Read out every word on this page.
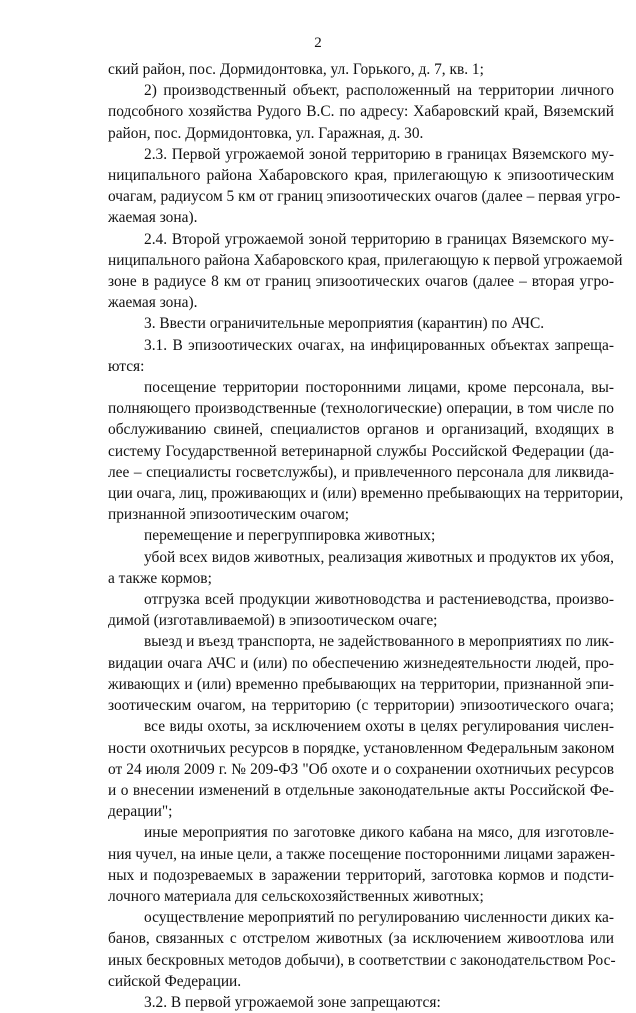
2
ский район, пос. Дормидонтовка, ул. Горького, д. 7, кв. 1;
2) производственный объект, расположенный на территории личного
подсобного хозяйства Рудого В.С. по адресу: Хабаровский край, Вяземский
район, пос. Дормидонтовка, ул. Гаражная, д. 30.
2.3. Первой угрожаемой зоной территорию в границах Вяземского му-
ниципального района Хабаровского края, прилегающую к эпизоотическим
очагам, радиусом 5 км от границ эпизоотических очагов (далее – первая угро-
жаемая зона).
2.4. Второй угрожаемой зоной территорию в границах Вяземского му-
ниципального района Хабаровского края, прилегающую к первой угрожаемой
зоне в радиусе 8 км от границ эпизоотических очагов (далее – вторая угро-
жаемая зона).
3. Ввести ограничительные мероприятия (карантин) по АЧС.
3.1. В эпизоотических очагах, на инфицированных объектах запреща-
ются:
посещение территории посторонними лицами, кроме персонала, вы-
полняющего производственные (технологические) операции, в том числе по
обслуживанию свиней, специалистов органов и организаций, входящих в
систему Государственной ветеринарной службы Российской Федерации (да-
лее – специалисты госветслужбы), и привлеченного персонала для ликвида-
ции очага, лиц, проживающих и (или) временно пребывающих на территории,
признанной эпизоотическим очагом;
перемещение и перегруппировка животных;
убой всех видов животных, реализация животных и продуктов их убоя,
а также кормов;
отгрузка всей продукции животноводства и растениеводства, произво-
димой (изготавливаемой) в эпизоотическом очаге;
выезд и въезд транспорта, не задействованного в мероприятиях по лик-
видации очага АЧС и (или) по обеспечению жизнедеятельности людей, про-
живающих и (или) временно пребывающих на территории, признанной эпи-
зоотическим очагом, на территорию (с территории) эпизоотического очага;
все виды охоты, за исключением охоты в целях регулирования числен-
ности охотничьих ресурсов в порядке, установленном Федеральным законом
от 24 июля 2009 г. № 209-ФЗ "Об охоте и о сохранении охотничьих ресурсов
и о внесении изменений в отдельные законодательные акты Российской Фе-
дерации";
иные мероприятия по заготовке дикого кабана на мясо, для изготовле-
ния чучел, на иные цели, а также посещение посторонними лицами заражен-
ных и подозреваемых в заражении территорий, заготовка кормов и подсти-
лочного материала для сельскохозяйственных животных;
осуществление мероприятий по регулированию численности диких ка-
банов, связанных с отстрелом животных (за исключением живоотлова или
иных бескровных методов добычи), в соответствии с законодательством Рос-
сийской Федерации.
3.2. В первой угрожаемой зоне запрещаются:
